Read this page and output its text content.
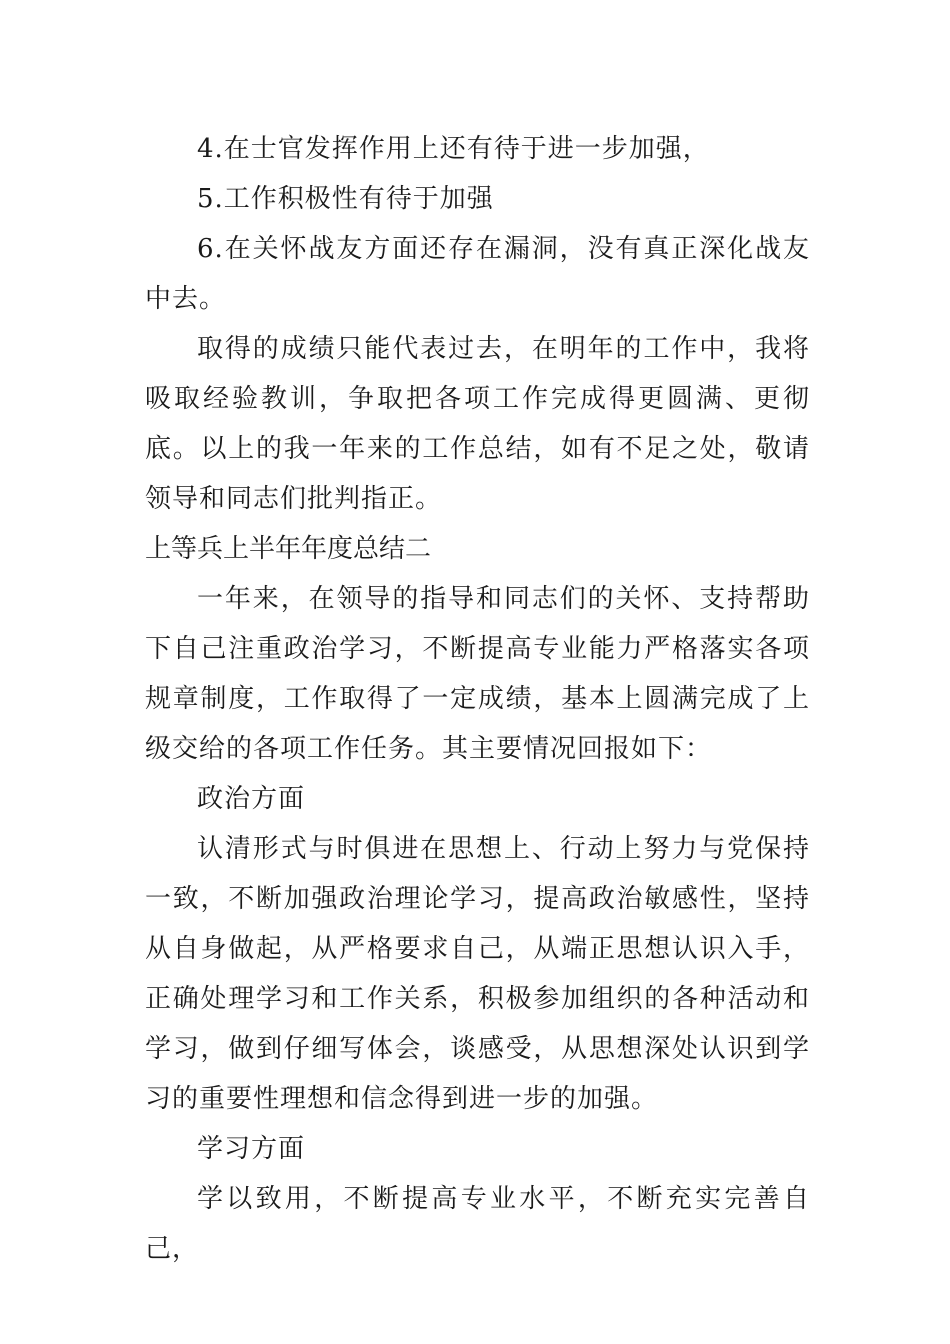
4.在士官发挥作用上还有待于进一步加强，

5.工作积极性有待于加强

6.在关怀战友方面还存在漏洞，没有真正深化战友中去。

取得的成绩只能代表过去，在明年的工作中，我将吸取经验教训，争取把各项工作完成得更圆满、更彻底。以上的我一年来的工作总结，如有不足之处，敬请领导和同志们批判指正。

上等兵上半年年度总结二

一年来，在领导的指导和同志们的关怀、支持帮助下自己注重政治学习，不断提高专业能力严格落实各项规章制度，工作取得了一定成绩，基本上圆满完成了上级交给的各项工作任务。其主要情况回报如下：

政治方面

认清形式与时俱进在思想上、行动上努力与党保持一致，不断加强政治理论学习，提高政治敏感性，坚持从自身做起，从严格要求自己，从端正思想认识入手，正确处理学习和工作关系，积极参加组织的各种活动和学习，做到仔细写体会，谈感受，从思想深处认识到学习的重要性理想和信念得到进一步的加强。

学习方面

学以致用，不断提高专业水平，不断充实完善自己，
